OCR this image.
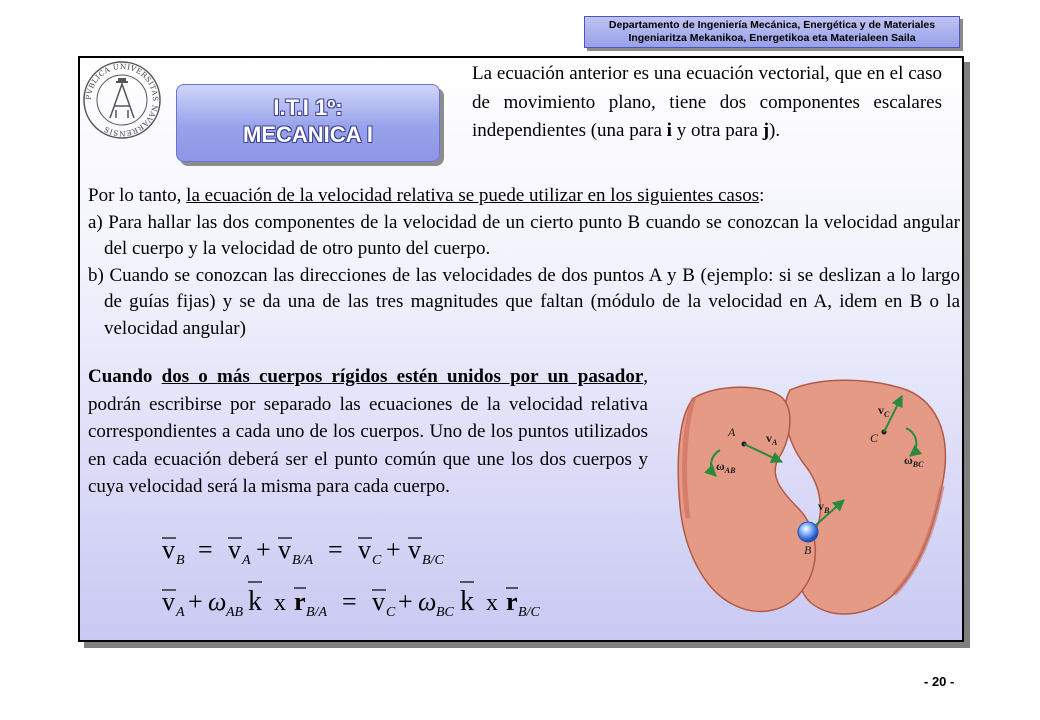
Departamento de Ingeniería Mecánica, Energética y de Materiales
Ingeniaritza Mekanikoa, Energetikoa eta Materialeen Saila
PVBLICA UNIVERSITAS NAVARRENSIS
I.T.I 1º:
MECANICA I

La ecuación anterior es una ecuación vectorial, que en el caso de movimiento plano, tiene dos componentes escalares independientes (una para i y otra para j).

Por lo tanto, la ecuación de la velocidad relativa se puede utilizar en los siguientes casos:
a) Para hallar las dos componentes de la velocidad de un cierto punto B cuando se conozcan la velocidad angular del cuerpo y la velocidad de otro punto del cuerpo.
b) Cuando se conozcan las direcciones de las velocidades de dos puntos A y B (ejemplo: si se deslizan a lo largo de guías fijas) y se da una de las tres magnitudes que faltan (módulo de la velocidad en A, idem en B o la velocidad angular)

Cuando dos o más cuerpos rígidos estén unidos por un pasador, podrán escribirse por separado las ecuaciones de la velocidad relativa correspondientes a cada uno de los cuerpos. Uno de los puntos utilizados en cada ecuación deberá ser el punto común que une los dos cuerpos y cuya velocidad será la misma para cada cuerpo.

A	$v_A$
$\omega_{AB}$
C
$v_C$
$\omega_{BC}$
$v_B$
B
v B = v A + v B/A = v C + v B/C
v A + ω AB k x r B/A = v C + ω BC k x r B/C
- 20 -
